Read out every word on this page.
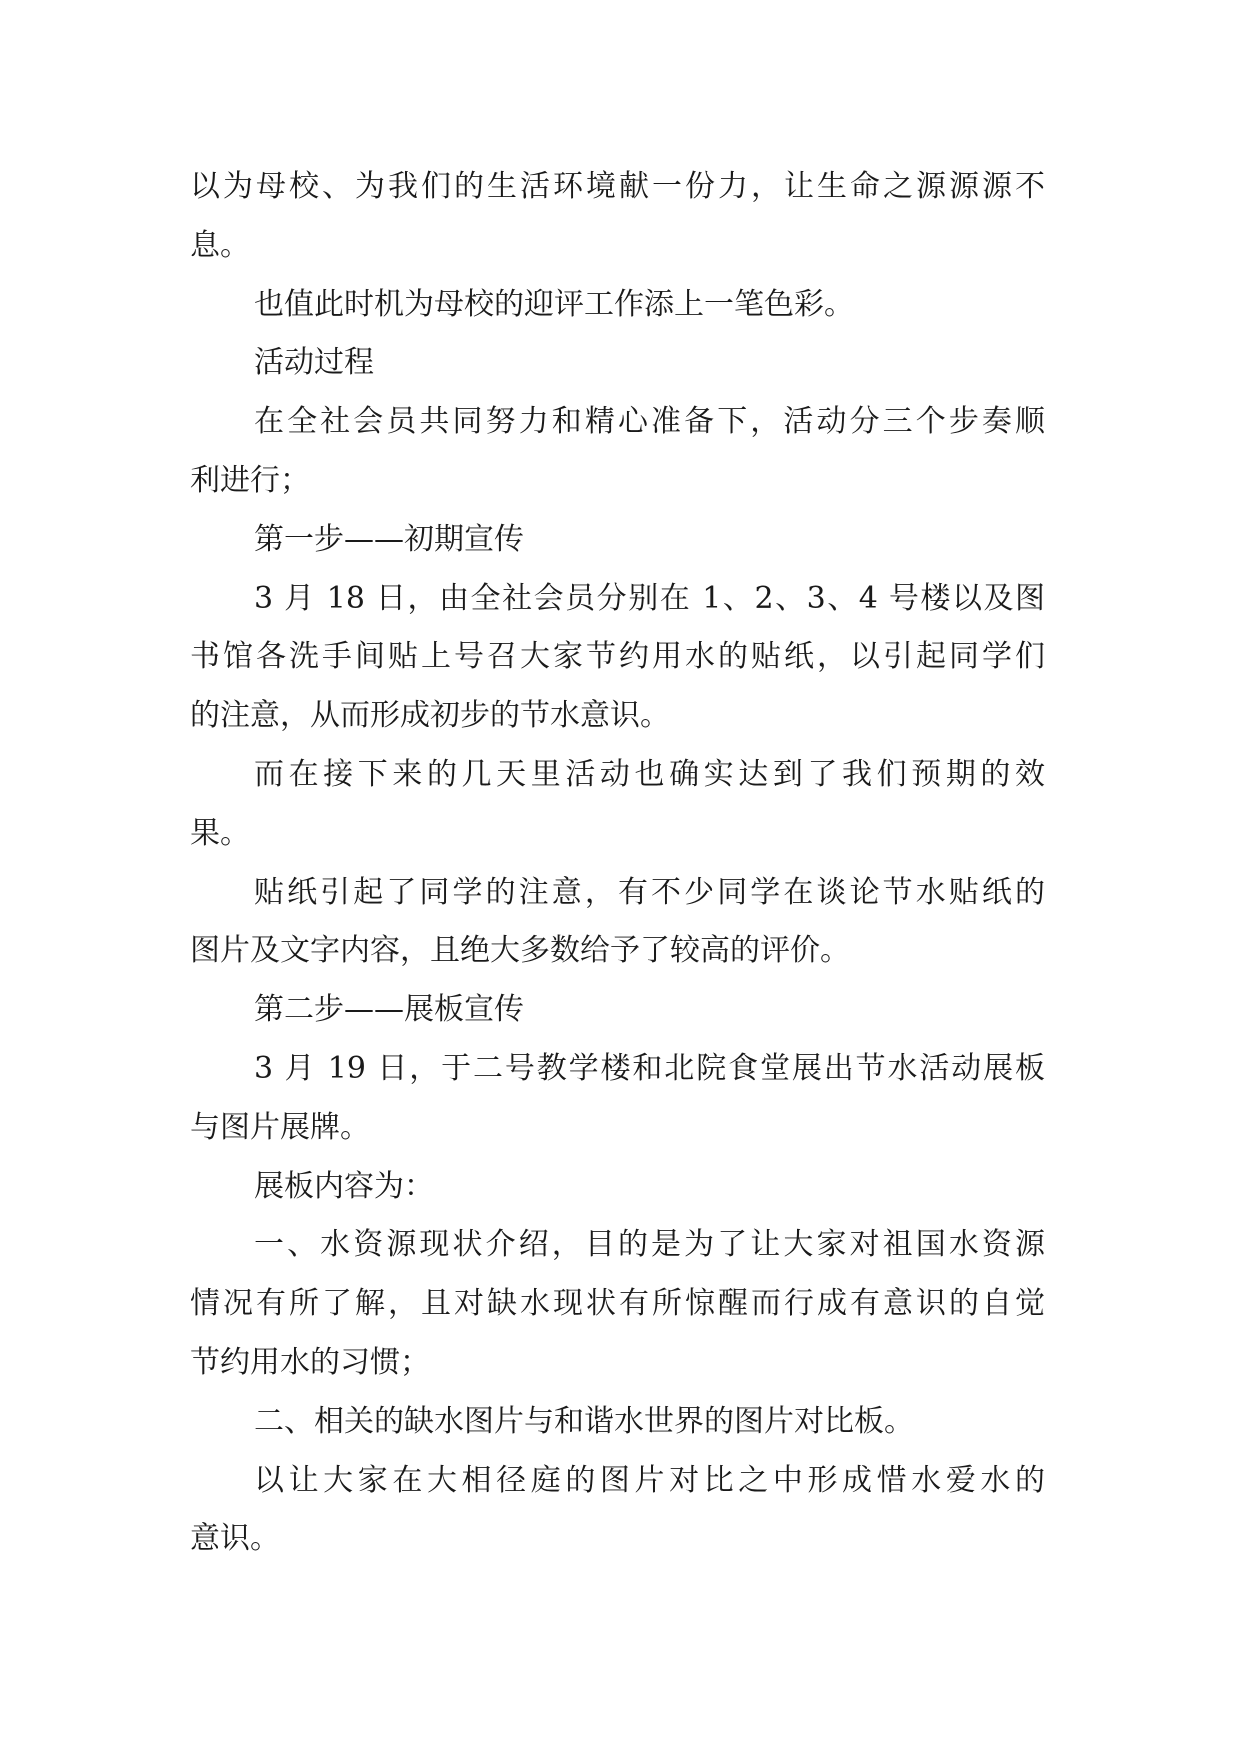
以为母校、为我们的生活环境献一份力，让生命之源源源不
息。
也值此时机为母校的迎评工作添上一笔色彩。
活动过程
在全社会员共同努力和精心准备下，活动分三个步奏顺
利进行；
第一步——初期宣传
3 月 18 日，由全社会员分别在 1、2、3、4 号楼以及图
书馆各洗手间贴上号召大家节约用水的贴纸，以引起同学们
的注意，从而形成初步的节水意识。
而在接下来的几天里活动也确实达到了我们预期的效
果。
贴纸引起了同学的注意，有不少同学在谈论节水贴纸的
图片及文字内容，且绝大多数给予了较高的评价。
第二步——展板宣传
3 月 19 日，于二号教学楼和北院食堂展出节水活动展板
与图片展牌。
展板内容为：
一、水资源现状介绍，目的是为了让大家对祖国水资源
情况有所了解，且对缺水现状有所惊醒而行成有意识的自觉
节约用水的习惯；
二、相关的缺水图片与和谐水世界的图片对比板。
以让大家在大相径庭的图片对比之中形成惜水爱水的
意识。
